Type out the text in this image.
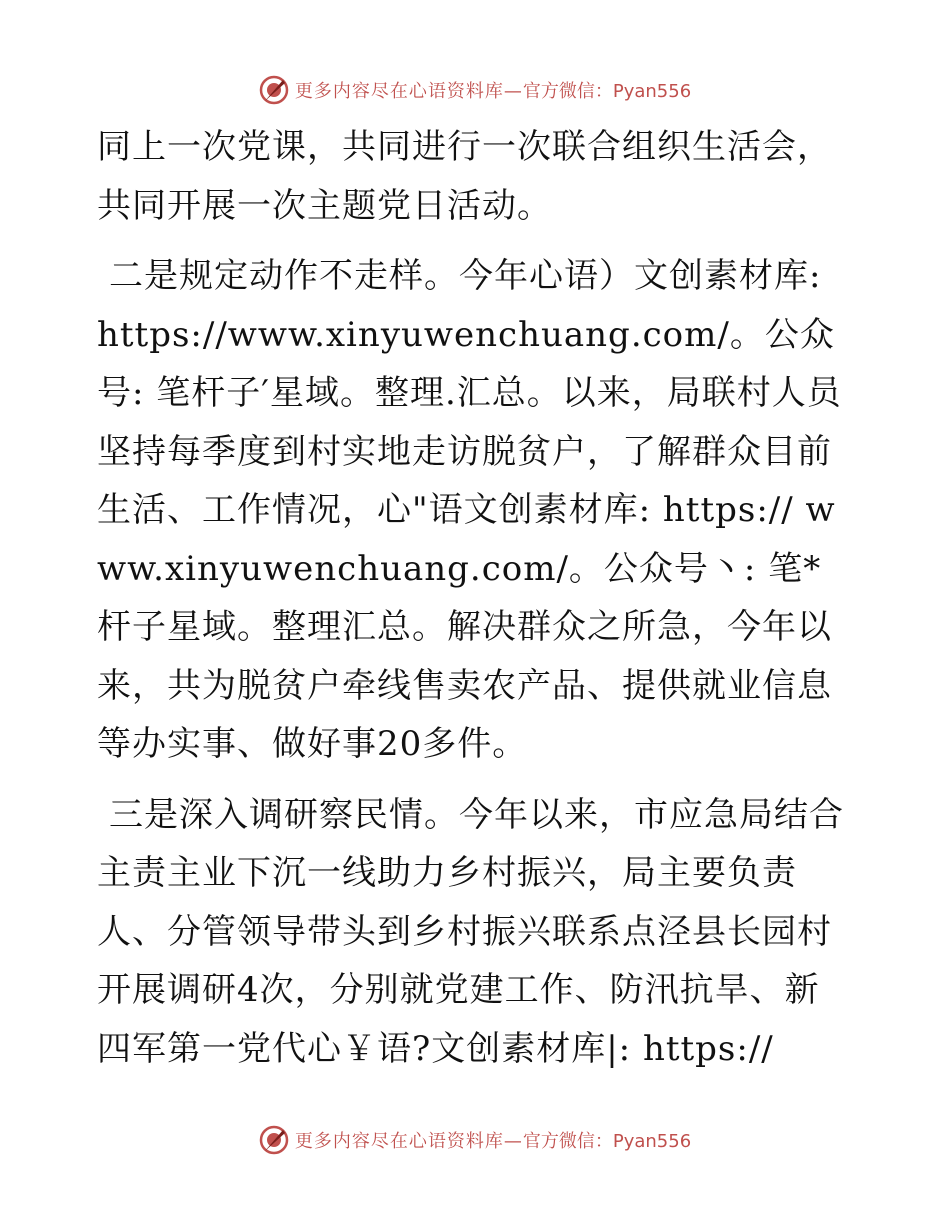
更多内容尽在心语资料库— 官方微信：Pyan556

同上一次党课，共同进行一次联合组织生活会，共同开展一次主题党日活动。

二是规定动作不走样。今年心语）文创素材库: https://www.xinyuwenchuang.com/。公众号: 笔杆子′星域。整理.汇总。以来，局联村人员坚持每季度到村实地走访脱贫户，了解群众目前生活、工作情况，心"语文创素材库: https:// www.xinyuwenchuang.com/。公众号丶: 笔*杆子星域。整理汇总。解决群众之所急，今年以来，共为脱贫户牵线售卖农产品、提供就业信息等办实事、做好事20多件。

三是深入调研察民情。今年以来，市应急局结合主责主业下沉一线助力乡村振兴，局主要负责人、分管领导带头到乡村振兴联系点泾县长园村开展调研4次，分别就党建工作、防汛抗旱、新四军第一党代心￥语?文创素材库|: https://

更多内容尽在心语资料库— 官方微信：Pyan556
